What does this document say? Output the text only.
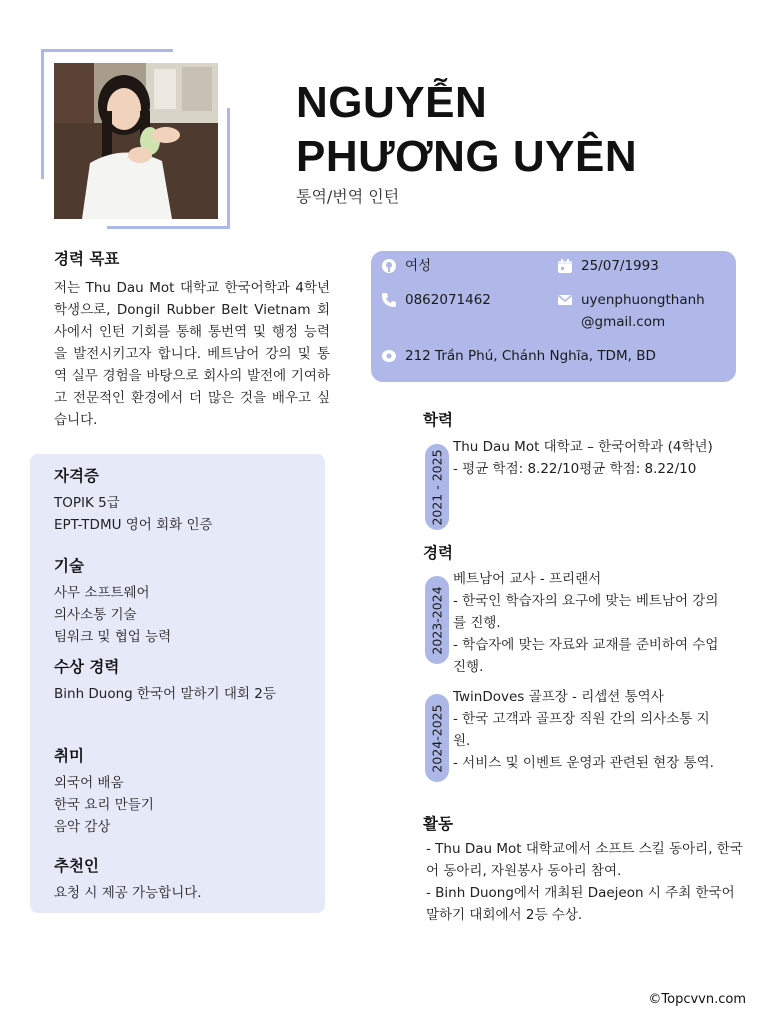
NGUYỄN
PHƯƠNG UYÊN
통역/번역 인턴
경력 목표

저는 Thu Dau Mot 대학교 한국어학과 4학년 학생으로, Dongil Rubber Belt Vietnam 회사에서 인턴 기회를 통해 통번역 및 행정 능력을 발전시키고자 합니다. 베트남어 강의 및 통역 실무 경험을 바탕으로 회사의 발전에 기여하고 전문적인 환경에서 더 많은 것을 배우고 싶습니다.

자격증
TOPIK 5급
EPT-TDMU 영어 회화 인증
기술
사무 소프트웨어
의사소통 기술
팀워크 및 협업 능력
수상 경력
Binh Duong 한국어 말하기 대회 2등
취미
외국어 배움
한국 요리 만들기
음악 감상
추천인
요청 시 제공 가능합니다.
여성	25/07/1993
0862071462	uyenphuongthanh
@gmail.com
212 Trần Phú, Chánh Nghĩa, TDM, BD
학력
2021 - 2025
Thu Dau Mot 대학교 – 한국어학과 (4학년)
- 평균 학점: 8.22/10평균 학점: 8.22/10
경력
2023-2024
베트남어 교사 - 프리랜서
- 한국인 학습자의 요구에 맞는 베트남어 강의를 진행.
- 학습자에 맞는 자료와 교재를 준비하여 수업 진행.
2024-2025
TwinDoves 골프장 - 리셉션 통역사
- 한국 고객과 골프장 직원 간의 의사소통 지원.
- 서비스 및 이벤트 운영과 관련된 현장 통역.
활동
- Thu Dau Mot 대학교에서 소프트 스킬 동아리, 한국어 동아리, 자원봉사 동아리 참여.
- Binh Duong에서 개최된 Daejeon 시 주최 한국어 말하기 대회에서 2등 수상.
©Topcvvn.com
